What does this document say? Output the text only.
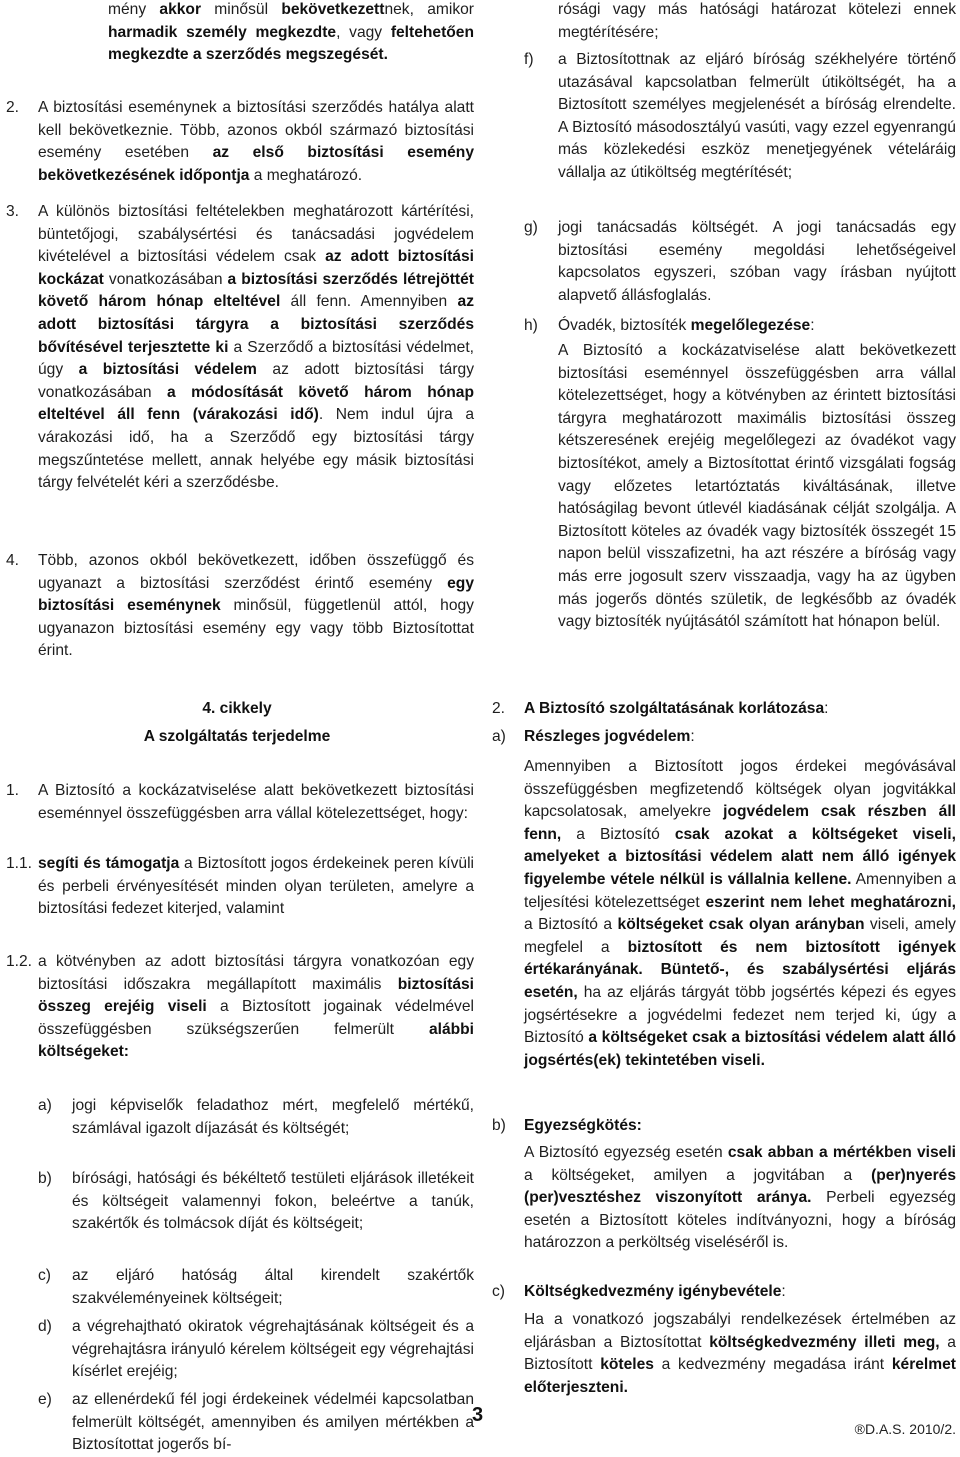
mény akkor minősül bekövetkezettnek, amikor harmadik személy megkezdte, vagy feltehetően megkezdte a szerződés megszegését.
2. A biztosítási eseménynek a biztosítási szerződés hatálya alatt kell bekövetkeznie. Több, azonos okból származó biztosítási esemény esetében az első biztosítási esemény bekövetkezésének időpontja a meghatározó.
3. A különös biztosítási feltételekben meghatározott kártérítési, büntetőjogi, szabálysértési és tanácsadási jogvédelem kivételével a biztosítási védelem csak az adott biztosítási kockázat vonatkozásában a biztosítási szerződés létrejöttét követő három hónap elteltével áll fenn. Amennyiben az adott biztosítási tárgyra a biztosítási szerződés bővítésével terjesztette ki a Szerződő a biztosítási védelmet, úgy a biztosítási védelem az adott biztosítási tárgy vonatkozásában a módosítását követő három hónap elteltével áll fenn (várakozási idő). Nem indul újra a várakozási idő, ha a Szerződő egy biztosítási tárgy megszűntetése mellett, annak helyébe egy másik biztosítási tárgy felvételét kéri a szerződésbe.
4. Több, azonos okból bekövetkezett, időben összefüggő és ugyanazt a biztosítási szerződést érintő esemény egy biztosítási eseménynek minősül, függetlenül attól, hogy ugyanazon biztosítási esemény egy vagy több Biztosítottat érint.
4. cikkely
A szolgáltatás terjedelme
1. A Biztosító a kockázatviselése alatt bekövetkezett biztosítási eseménnyel összefüggésben arra vállal kötelezettséget, hogy:
1.1. segíti és támogatja a Biztosított jogos érdekeinek peren kívüli és perbeli érvényesítését minden olyan területen, amelyre a biztosítási fedezet kiterjed, valamint
1.2. a kötvényben az adott biztosítási tárgyra vonatkozóan egy biztosítási időszakra megállapított maximális biztosítási összeg erejéig viseli a Biztosított jogainak védelmével összefüggésben szükségszerűen felmerült alábbi költségeket:
a) jogi képviselők feladathoz mért, megfelelő mértékű, számlával igazolt díjazását és költségét;
b) bírósági, hatósági és békéltető testületi eljárások illetékeit és költségeit valamennyi fokon, beleértve a tanúk, szakértők és tolmácsok díját és költségeit;
c) az eljáró hatóság által kirendelt szakértők szakvéleményeinek költségeit;
d) a végrehajtható okiratok végrehajtásának költségeit és a végrehajtásra irányuló kérelem költségeit egy végrehajtási kísérlet erejéig;
e) az ellenérdekű fél jogi érdekeinek védelméi kapcsolatban felmerült költségét, amennyiben és amilyen mértékben a Biztosítottat jogerős bí-
rósági vagy más hatósági határozat kötelezi ennek megtérítésére;
f) a Biztosítottnak az eljáró bíróság székhelyére történő utazásával kapcsolatban felmerült útiköltségét, ha a Biztosított személyes megjelenését a bíróság elrendelte. A Biztosító másodosztályú vasúti, vagy ezzel egyenrangú más közlekedési eszköz menetjegyének vételáráig vállalja az útiköltség megtérítését;
g) jogi tanácsadás költségét. A jogi tanácsadás egy biztosítási esemény megoldási lehetőségeivel kapcsolatos egyszeri, szóban vagy írásban nyújtott alapvető állásfoglalás.
h) Óvadék, biztosíték megelőlegezése:
A Biztosító a kockázatviselése alatt bekövetkezett biztosítási eseménnyel összefüggésben arra vállal kötelezettséget, hogy a kötvényben az érintett biztosítási tárgyra meghatározott maximális biztosítási összeg kétszeresének erejéig megelőlegezi az óvadékot vagy biztosítékot, amely a Biztosítottat érintő vizsgálati fogság vagy előzetes letartóztatás kiváltásának, illetve hatóságilag bevont útlevél kiadásának célját szolgálja. A Biztosított köteles az óvadék vagy biztosíték összegét 15 napon belül visszafizetni, ha azt részére a bíróság vagy más erre jogosult szerv visszaadja, vagy ha az ügyben más jogerős döntés születik, de legkésőbb az óvadék vagy biztosíték nyújtásától számított hat hónapon belül.
2. A Biztosító szolgáltatásának korlátozása:
a) Részleges jogvédelem:
Amennyiben a Biztosított jogos érdekei megóvásával összefüggésben megfizetendő költségek olyan jogvitákkal kapcsolatosak, amelyekre jogvédelem csak részben áll fenn, a Biztosító csak azokat a költségeket viseli, amelyeket a biztosítási védelem alatt nem álló igények figyelembe vétele nélkül is vállalnia kellene. Amennyiben a teljesítési kötelezettséget eszerint nem lehet meghatározni, a Biztosító a költségeket csak olyan arányban viseli, amely megfelel a biztosított és nem biztosított igények értékarányának. Büntető-, és szabálysértési eljárás esetén, ha az eljárás tárgyát több jogsértés képezi és egyes jogsértésekre a jogvédelmi fedezet nem terjed ki, úgy a Biztosító a költségeket csak a biztosítási védelem alatt álló jogsértés(ek) tekintetében viseli.
b) Egyezségkötés:
A Biztosító egyezség esetén csak abban a mértékben viseli a költségeket, amilyen a jogvitában a (per)nyerés (per)vesztéshez viszonyított aránya. Perbeli egyezség esetén a Biztosított köteles indítványozni, hogy a bíróság határozzon a perköltség viseléséről is.
c) Költségkedvezmény igénybevétele:
Ha a vonatkozó jogszabályi rendelkezések értelmében az eljárásban a Biztosítottat költségkedvezmény illeti meg, a Biztosított köteles a kedvezmény megadása iránt kérelmet előterjeszteni.
3
®D.A.S. 2010/2.
